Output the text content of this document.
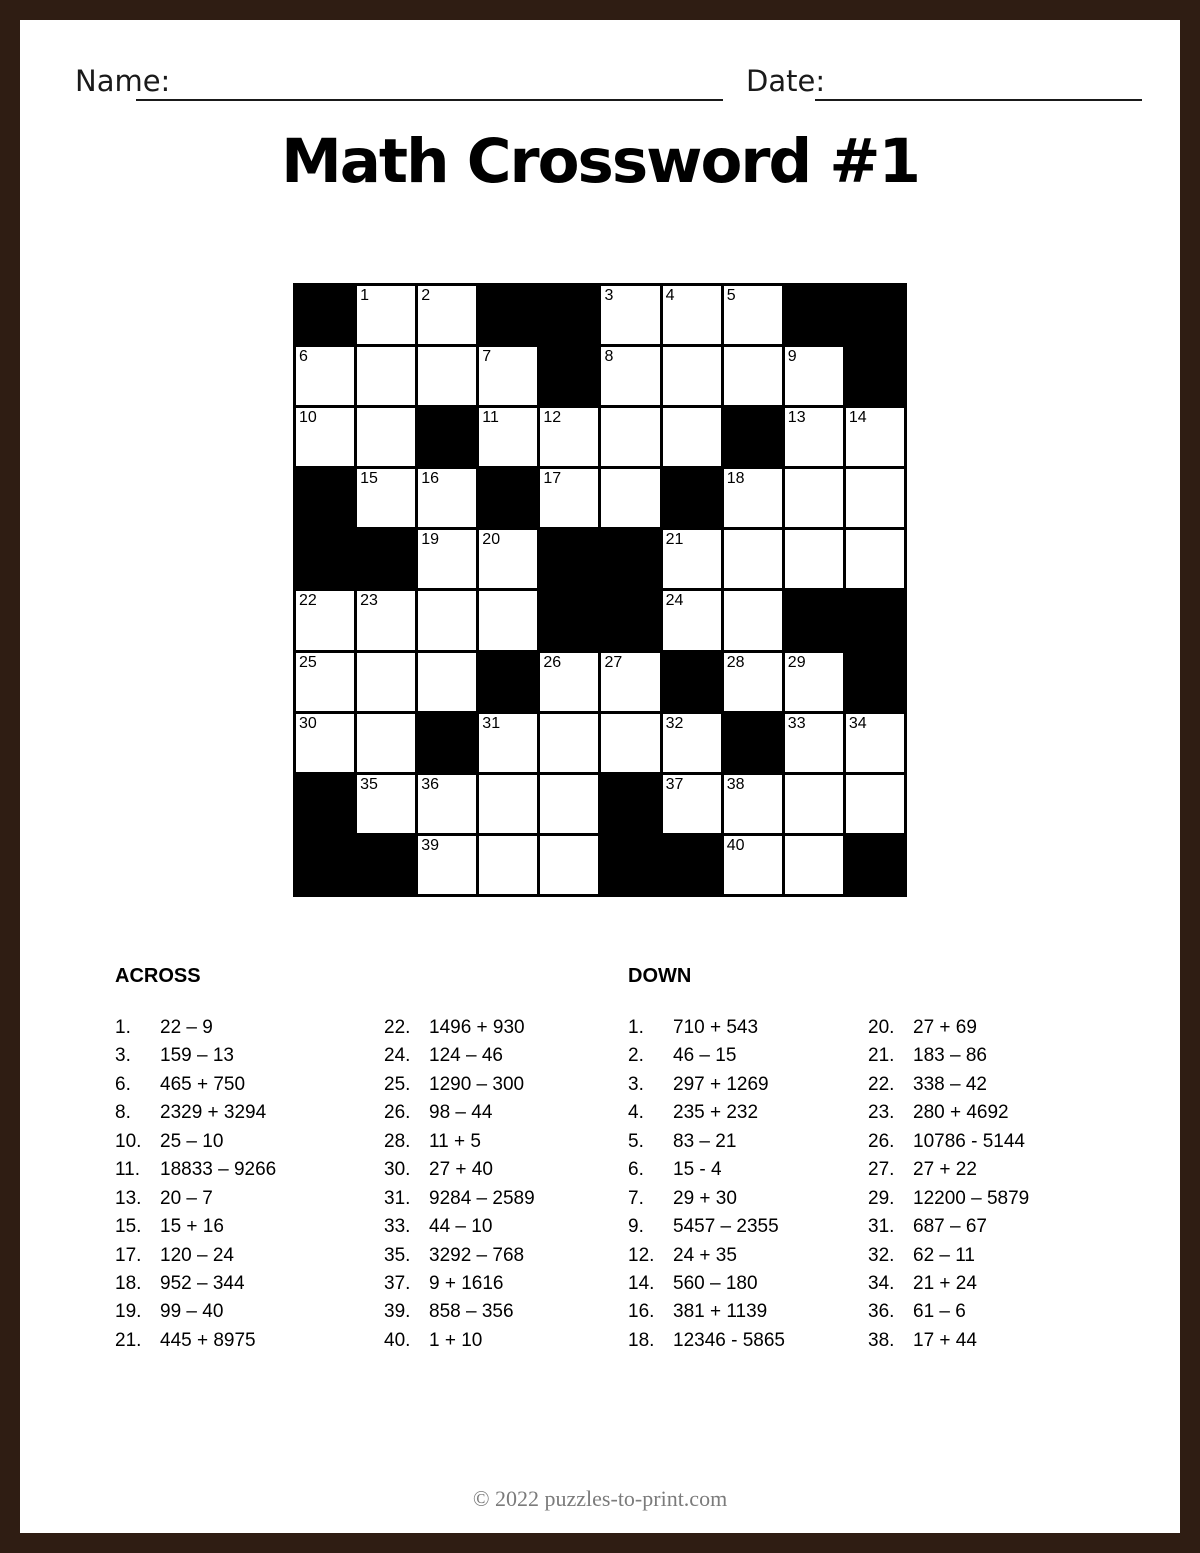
Name:	Date:
Math Crossword #1
1	2	3	4	5
6	7	8	9
10	11	12	13	14
15	16	17	18
19	20	21
22	23	24
25	26	27	28	29
30	31	32	33	34
35	36	37	38
39	40
ACROSS	DOWN
1.	22 – 9
3.	159 – 13
6.	465 + 750
8.	2329 + 3294
10. 25 – 10
11.	18833 – 9266
13. 20 – 7
15. 15 + 16
17. 120 – 24
18. 952 – 344
19. 99 – 40
21. 445 + 8975
22. 1496 + 930
24. 124 – 46
25. 1290 – 300
26. 98 – 44
28. 11 + 5
30. 27 + 40
31. 9284 – 2589
33. 44 – 10
35. 3292 – 768
37. 9 + 1616
39. 858 – 356
40. 1 + 10
1.	710 + 543
2.	46 – 15
3.	297 + 1269
4.	235 + 232
5.	83 – 21
6.	15 - 4
7.	29 + 30
9.	5457 – 2355
12. 24 + 35
14. 560 – 180
16. 381 + 1139
18. 12346 - 5865
20. 27 + 69
21. 183 – 86
22. 338 – 42
23. 280 + 4692
26. 10786 - 5144
27. 27 + 22
29. 12200 – 5879
31. 687 – 67
32. 62 – 11
34. 21 + 24
36. 61 – 6
38. 17 + 44
© 2022 puzzles-to-print.com
